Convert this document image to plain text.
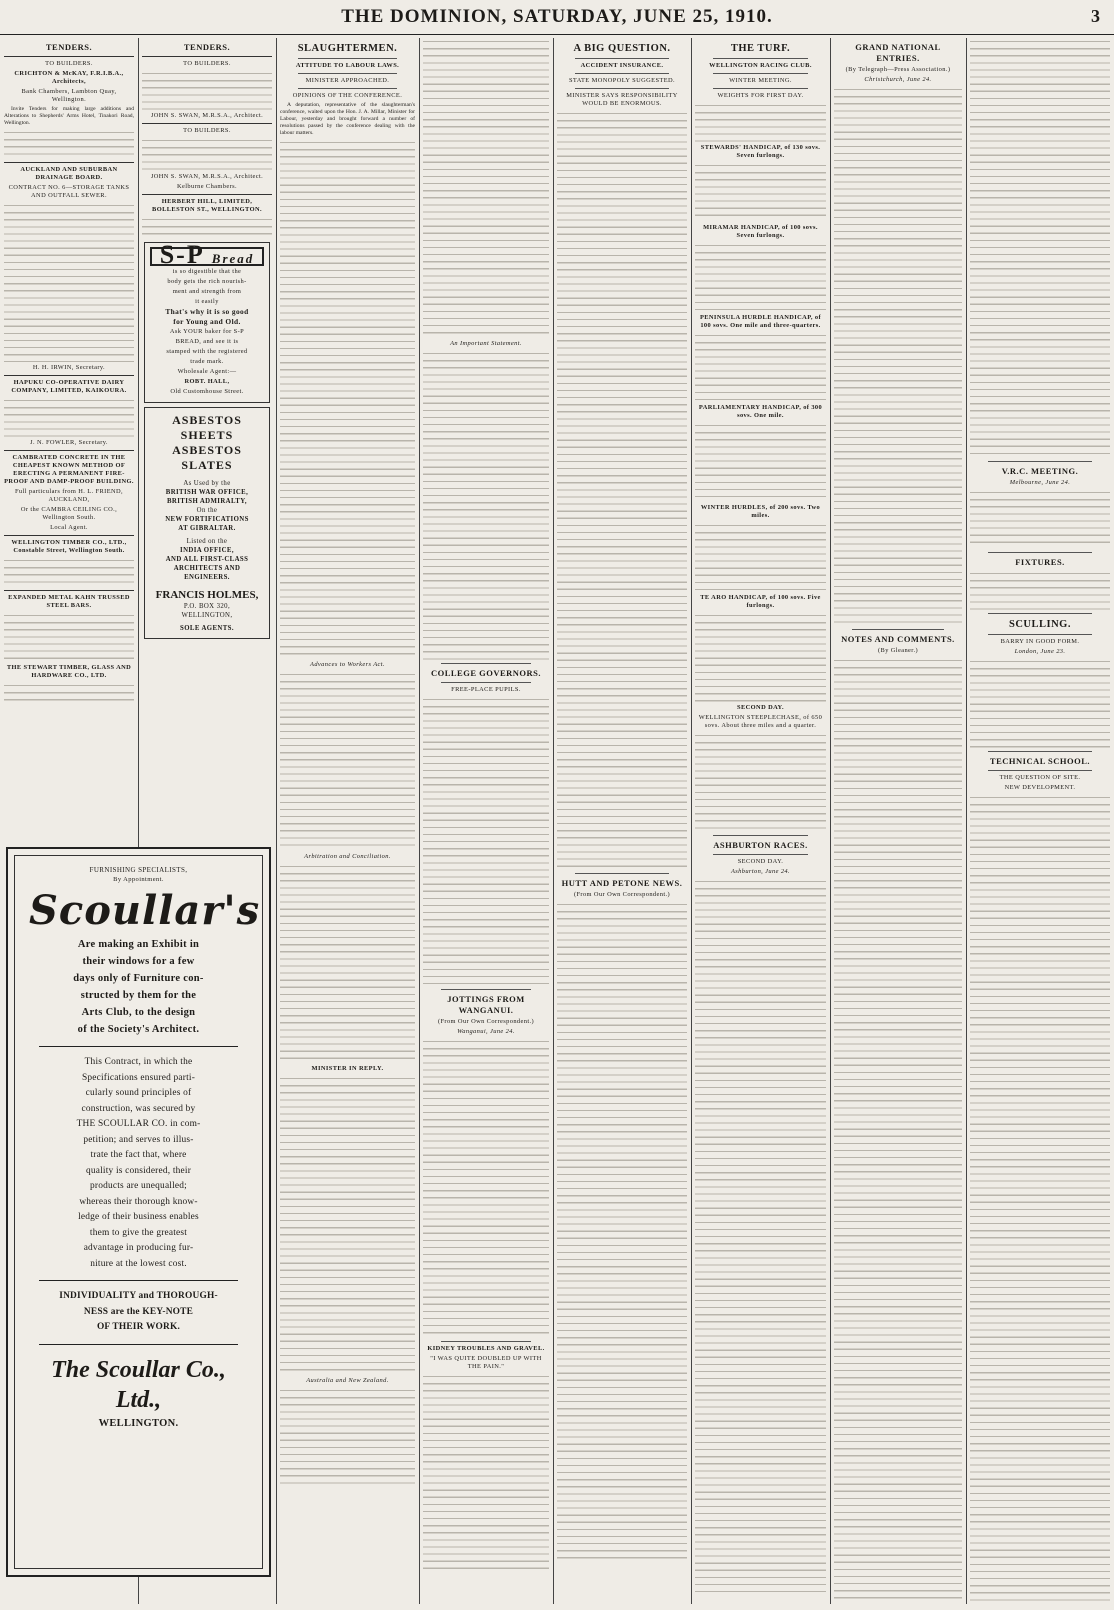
THE DOMINION, SATURDAY, JUNE 25, 1910.	3
TENDERS.
TO BUILDERS.
CRICHTON & McKAY, F.R.I.B.A., Architects,
Bank Chambers, Lambton Quay, Wellington.

Invite Tenders for making large additions and Alterations to Shepherds' Arms Hotel, Tinakori Road, Wellington.

AUCKLAND AND SUBURBAN DRAINAGE BOARD.
CONTRACT NO. 6—STORAGE TANKS AND OUTFALL SEWER.
H. H. IRWIN, Secretary.
HAPUKU CO-OPERATIVE DAIRY COMPANY, LIMITED, KAIKOURA.
J. N. FOWLER, Secretary.
CAMBRATED CONCRETE IN THE CHEAPEST KNOWN METHOD OF ERECTING A PERMANENT FIRE-PROOF AND DAMP-PROOF BUILDING.
Full particulars from H. L. FRIEND, AUCKLAND,
Or the CAMBRA CEILING CO., Wellington South.
Local Agent.
WELLINGTON TIMBER CO., LTD., Constable Street, Wellington South.
EXPANDED METAL KAHN TRUSSED STEEL BARS.
THE STEWART TIMBER, GLASS AND HARDWARE CO., LTD.
TENDERS.
TO BUILDERS.
JOHN S. SWAN, M.R.S.A., Architect.
TO BUILDERS.
JOHN S. SWAN, M.R.S.A., Architect.
Kelburne Chambers.
HERBERT HILL, LIMITED, BOLLESTON ST., WELLINGTON.
S-P Bread
is so digestible that the
body gets the rich nourish-
ment and strength from
it easily
That's why it is so good
for Young and Old.
Ask YOUR baker for S-P
BREAD, and see it is
stamped with the registered
trade mark.
Wholesale Agent:—
ROBT. HALL,
Old Customhouse Street.
ASBESTOS SHEETS
ASBESTOS SLATES
As Used by the
BRITISH WAR OFFICE,
BRITISH ADMIRALTY,
On the
NEW FORTIFICATIONS
AT GIBRALTAR.
Listed on the
INDIA OFFICE,
AND ALL FIRST-CLASS
ARCHITECTS AND
ENGINEERS.
FRANCIS HOLMES,
P.O. BOX 320,
WELLINGTON,
SOLE AGENTS.
FURNISHING SPECIALISTS,
By Appointment.
Scoullar's
Are making an Exhibit in
their windows for a few
days only of Furniture con-
structed by them for the
Arts Club, to the design
of the Society's Architect.
This Contract, in which the
Specifications ensured parti-
cularly sound principles of
construction, was secured by
THE SCOULLAR CO. in com-
petition; and serves to illus-
trate the fact that, where
quality is considered, their
products are unequalled;
whereas their thorough know-
ledge of their business enables
them to give the greatest
advantage in producing fur-
niture at the lowest cost.
INDIVIDUALITY and THOROUGH-
NESS are the KEY-NOTE
OF THEIR WORK.
The Scoullar Co., Ltd.,
WELLINGTON.
SLAUGHTERMEN.
ATTITUDE TO LABOUR LAWS.
MINISTER APPROACHED.
OPINIONS OF THE CONFERENCE.

A deputation, representative of the slaughterman's conference, waited upon the Hon. J. A. Millar, Minister for Labour, yesterday and brought forward a number of resolutions passed by the conference dealing with the labour matters.

Advances to Workers Act.
Arbitration and Conciliation.
MINISTER IN REPLY.
Australia and New Zealand.
An Important Statement.
COLLEGE GOVERNORS.
FREE-PLACE PUPILS.
JOTTINGS FROM WANGANUI.
(From Our Own Correspondent.)
Wanganui, June 24.
KIDNEY TROUBLES AND GRAVEL.
"I WAS QUITE DOUBLED UP WITH THE PAIN."
A BIG QUESTION.
ACCIDENT INSURANCE.
STATE MONOPOLY SUGGESTED.
MINISTER SAYS RESPONSIBILITY WOULD BE ENORMOUS.
HUTT AND PETONE NEWS.
(From Our Own Correspondent.)
THE TURF.
WELLINGTON RACING CLUB.
WINTER MEETING.
WEIGHTS FOR FIRST DAY.
STEWARDS' HANDICAP, of 130 sovs. Seven furlongs.
MIRAMAR HANDICAP, of 100 sovs. Seven furlongs.
PENINSULA HURDLE HANDICAP, of 100 sovs. One mile and three-quarters.
PARLIAMENTARY HANDICAP, of 300 sovs. One mile.
WINTER HURDLES, of 200 sovs. Two miles.
TE ARO HANDICAP, of 100 sovs. Five furlongs.
SECOND DAY.
WELLINGTON STEEPLECHASE, of 650 sovs. About three miles and a quarter.
ASHBURTON RACES.
SECOND DAY.
Ashburton, June 24.
GRAND NATIONAL ENTRIES.
(By Telegraph—Press Association.)
Christchurch, June 24.
NOTES AND COMMENTS.
(By Gleaner.)
V.R.C. MEETING.
Melbourne, June 24.
FIXTURES.
SCULLING.
BARRY IN GOOD FORM.
London, June 23.
TECHNICAL SCHOOL.
THE QUESTION OF SITE.
NEW DEVELOPMENT.
